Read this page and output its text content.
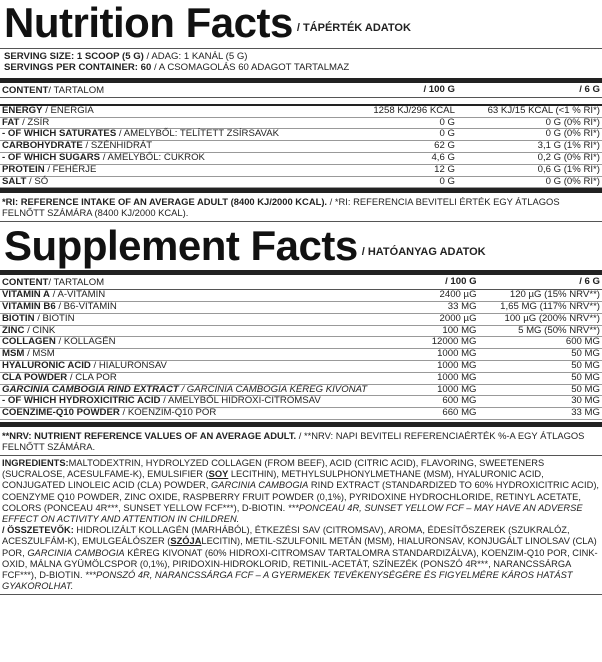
Nutrition Facts / TÁPÉRTÉK ADATOK
SERVING SIZE: 1 SCOOP (5 G) / ADAG: 1 KANÁL (5 G)
SERVINGS PER CONTAINER: 60 / A CSOMAGOLÁS 60 ADAGOT TARTALMAZ
CONTENT/ TARTALOM	/ 100 G	/ 6 G

ENERGY / ENERGIA	1258 KJ/296 KCAL	63 KJ/15 KCAL (<1 % RI*)
FAT / ZSÍR	0 G	0 G (0% RI*)
- OF WHICH SATURATES / AMELYBŐL: TELÍTETT ZSÍRSAVAK	0 G	0 G (0% RI*)
CARBOHYDRATE / SZÉNHIDRÁT	62 G	3,1 G (1% RI*)
- OF WHICH SUGARS / AMELYBŐL: CUKROK	4,6 G	0,2 G (0% RI*)
PROTEIN / FEHÉRJE	12 G	0,6 G (1% RI*)
SALT / SÓ	0 G	0 G (0% RI*)
*RI: REFERENCE INTAKE OF AN AVERAGE ADULT (8400 KJ/2000 KCAL). / *RI: REFERENCIA BEVITELI ÉRTÉK EGY ÁTLAGOS FELNŐTT SZÁMÁRA (8400 KJ/2000 KCAL).
Supplement Facts / HATÓANYAG ADATOK
CONTENT/ TARTALOM	/ 100 G	/ 6 G
VITAMIN A / A-VITAMIN	2400 µG	120 µG (15% NRV**)
VITAMIN B6 / B6-VITAMIN	33 MG	1,65 MG (117% NRV**)
BIOTIN / BIOTIN	2000 µG	100 µG (200% NRV**)
ZINC / CINK	100 MG	5 MG (50% NRV**)
COLLAGEN / KOLLAGÉN	12000 MG	600 MG
MSM / MSM	1000 MG	50 MG
HYALURONIC ACID / HIALURONSAV	1000 MG	50 MG
CLA POWDER / CLA POR	1000 MG	50 MG
GARCINIA CAMBOGIA RIND EXTRACT / GARCINIA CAMBOGIA KÉREG KIVONAT	1000 MG	50 MG
- OF WHICH HYDROXICITRIC ACID / AMELYBŐL HIDROXI-CITROMSAV	600 MG	30 MG
COENZIME-Q10 POWDER / KOENZIM-Q10 POR	660 MG	33 MG
**NRV: NUTRIENT REFERENCE VALUES OF AN AVERAGE ADULT. / **NRV: NAPI BEVITELI REFERENCIAÉRTÉK %-A EGY ÁTLAGOS FELNŐTT SZÁMÁRA.
INGREDIENTS:MALTODEXTRIN, HYDROLYZED COLLAGEN (FROM BEEF), ACID (CITRIC ACID), FLAVORING, SWEETENERS (SUCRALOSE, ACESULFAME-K), EMULSIFIER (SOY LECITHIN), METHYLSULPHONYLMETHANE (MSM), HYALURONIC ACID, CONJUGATED LINOLEIC ACID (CLA) POWDER, GARCINIA CAMBOGIA RIND EXTRACT (STANDARDIZED TO 60% HYDROXICITRIC ACID), COENZYME Q10 POWDER, ZINC OXIDE, RASPBERRY FRUIT POWDER (0,1%), PYRIDOXINE HYDROCHLORIDE, RETINYL ACETATE, COLORS (PONCEAU 4R***, SUNSET YELLOW FCF***), D-BIOTIN. ***PONCEAU 4R, SUNSET YELLOW FCF – MAY HAVE AN ADVERSE EFFECT ON ACTIVITY AND ATTENTION IN CHILDREN.
/ ÖSSZETEVŐK: HIDROLIZÁLT KOLLAGÉN (MARHÁBÓL), ÉTKEZÉSI SAV (CITROMSAV), AROMA, ÉDESÍTŐSZEREK (SZUKRALÓZ, ACESZULFÁM-K), EMULGEÁLÓSZER (SZÓJALECITIN), METIL-SZULFONIL METÁN (MSM), HIALURONSAV, KONJUGÁLT LINOLSAV (CLA) POR, GARCINIA CAMBOGIA KÉREG KIVONAT (60% HIDROXI-CITROMSAV TARTALOMRA STANDARDIZÁLVA), KOENZIM-Q10 POR, CINK-OXID, MÁLNA GYÜMÖLCSPOR (0,1%), PIRIDOXIN-HIDROKLORID, RETINIL-ACETÁT, SZÍNEZÉK (PONSZÓ 4R***, NARANCSSÁRGA FCF***), D-BIOTIN. ***PONSZÓ 4R, NARANCSSÁRGA FCF – A GYERMEKEK TEVÉKENYSÉGÉRE ÉS FIGYELMÉRE KÁROS HATÁST GYAKOROLHAT.
